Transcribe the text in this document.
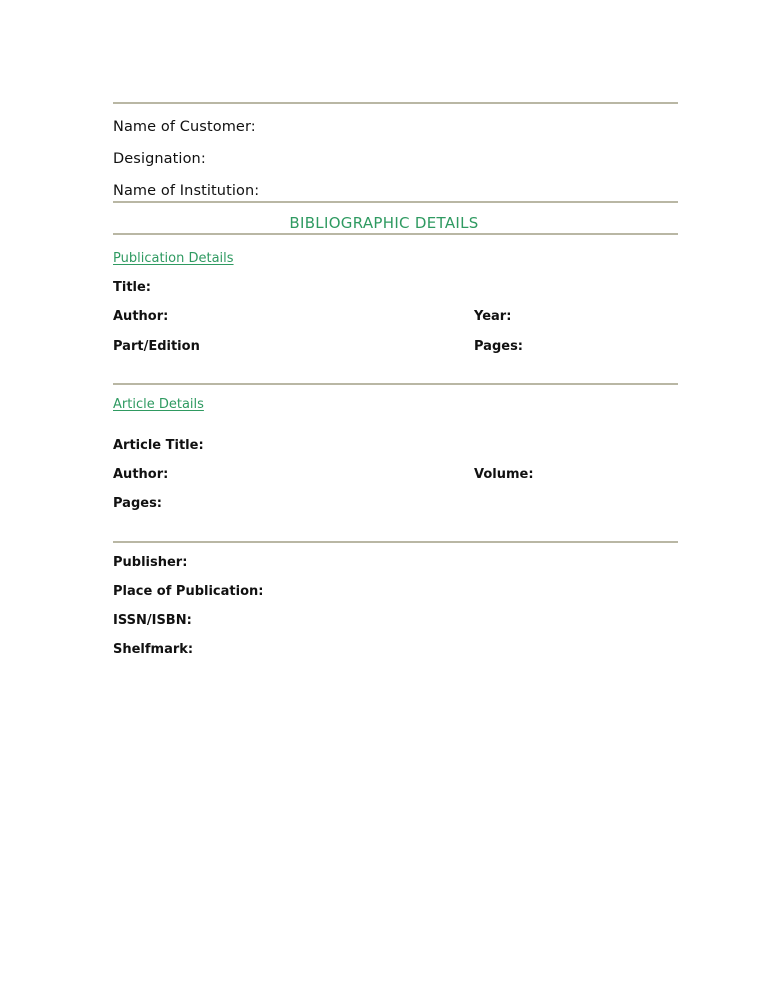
Name of Customer:
Designation:
Name of Institution:
BIBLIOGRAPHIC DETAILS
Publication Details
Title:
Author:	Year:
Part/Edition	Pages:
Article Details
Article Title:
Author:	Volume:
Pages:
Publisher:
Place of Publication:
ISSN/ISBN:
Shelfmark:
